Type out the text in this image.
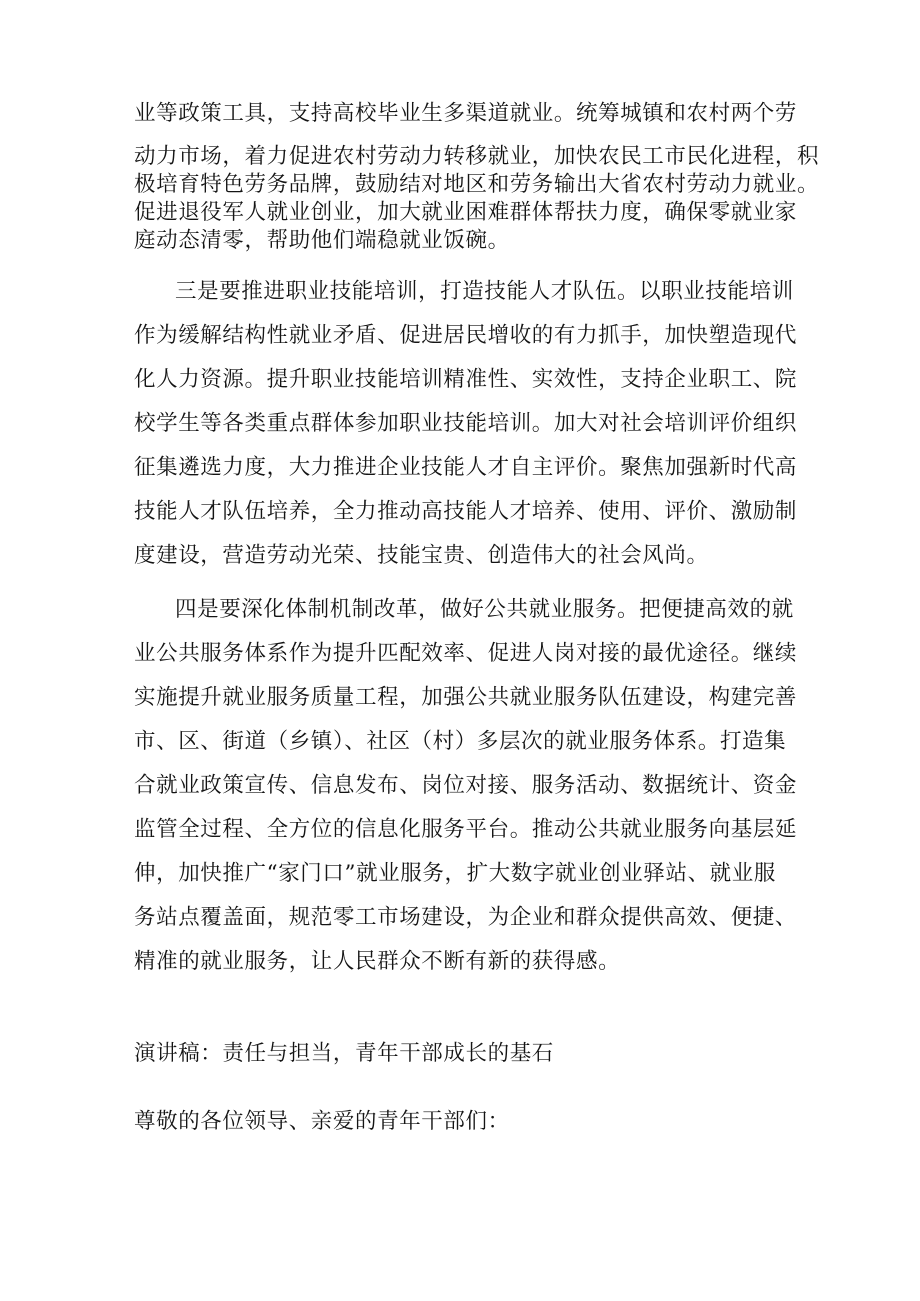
业等政策工具，支持高校毕业生多渠道就业。统筹城镇和农村两个劳
动力市场，着力促进农村劳动力转移就业，加快农民工市民化进程，积
极培育特色劳务品牌，鼓励结对地区和劳务输出大省农村劳动力就业。
促进退役军人就业创业，加大就业困难群体帮扶力度，确保零就业家
庭动态清零，帮助他们端稳就业饭碗。
三是要推进职业技能培训，打造技能人才队伍。以职业技能培训
作为缓解结构性就业矛盾、促进居民增收的有力抓手，加快塑造现代
化人力资源。提升职业技能培训精准性、实效性，支持企业职工、院
校学生等各类重点群体参加职业技能培训。加大对社会培训评价组织
征集遴选力度，大力推进企业技能人才自主评价。聚焦加强新时代高
技能人才队伍培养，全力推动高技能人才培养、使用、评价、激励制
度建设，营造劳动光荣、技能宝贵、创造伟大的社会风尚。
四是要深化体制机制改革，做好公共就业服务。把便捷高效的就
业公共服务体系作为提升匹配效率、促进人岗对接的最优途径。继续
实施提升就业服务质量工程，加强公共就业服务队伍建设，构建完善
市、区、街道（乡镇）、社区（村）多层次的就业服务体系。打造集
合就业政策宣传、信息发布、岗位对接、服务活动、数据统计、资金
监管全过程、全方位的信息化服务平台。推动公共就业服务向基层延
伸，加快推广“家门口”就业服务，扩大数字就业创业驿站、就业服
务站点覆盖面，规范零工市场建设，为企业和群众提供高效、便捷、
精准的就业服务，让人民群众不断有新的获得感。
演讲稿：责任与担当，青年干部成长的基石
尊敬的各位领导、亲爱的青年干部们：
